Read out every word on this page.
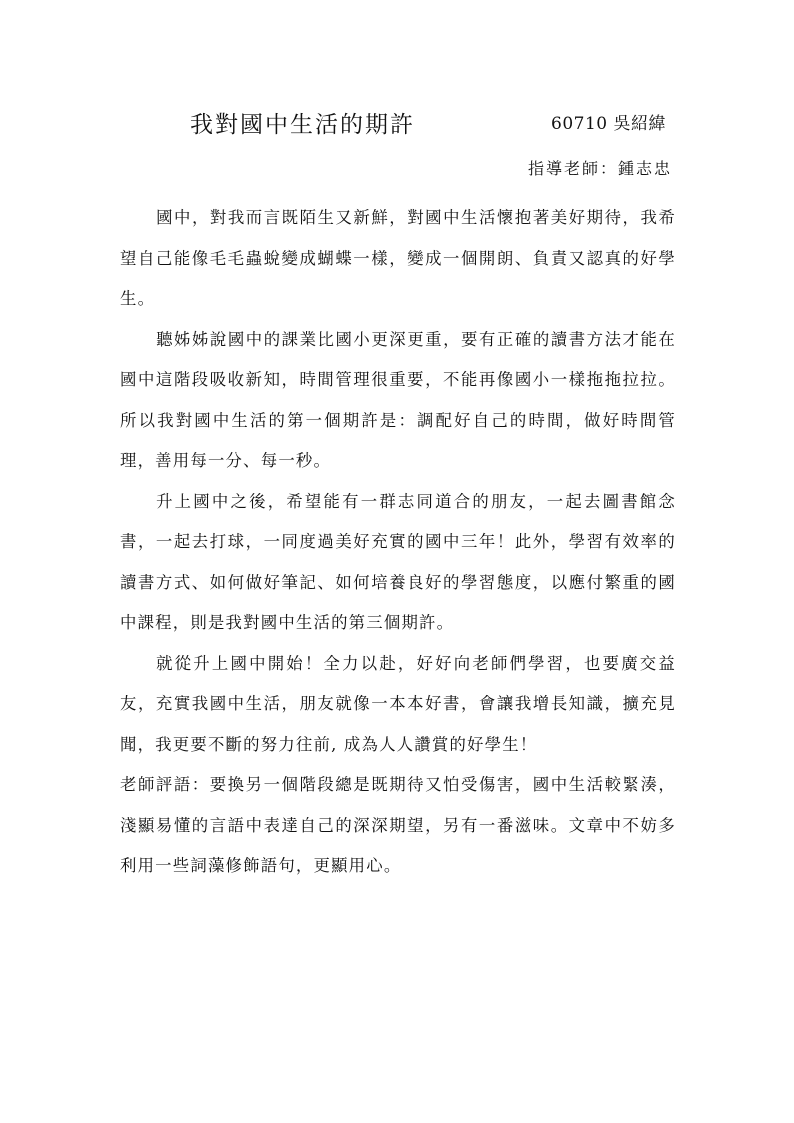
我對國中生活的期許	60710 吳紹緯
指導老師：鍾志忠

國中，對我而言既陌生又新鮮，對國中生活懷抱著美好期待，我希望自己能像毛毛蟲蛻變成蝴蝶一樣，變成一個開朗、負責又認真的好學生。

聽姊姊說國中的課業比國小更深更重，要有正確的讀書方法才能在國中這階段吸收新知，時間管理很重要，不能再像國小一樣拖拖拉拉。所以我對國中生活的第一個期許是：調配好自己的時間，做好時間管理，善用每一分、每一秒。

升上國中之後，希望能有一群志同道合的朋友，一起去圖書館念書，一起去打球，一同度過美好充實的國中三年！此外，學習有效率的讀書方式、如何做好筆記、如何培養良好的學習態度，以應付繁重的國中課程，則是我對國中生活的第三個期許。

就從升上國中開始！全力以赴，好好向老師們學習，也要廣交益友，充實我國中生活，朋友就像一本本好書，會讓我增長知識，擴充見聞，我更要不斷的努力往前, 成為人人讚賞的好學生！

老師評語：要換另一個階段總是既期待又怕受傷害，國中生活較緊湊，淺顯易懂的言語中表達自己的深深期望，另有一番滋味。文章中不妨多利用一些詞藻修飾語句，更顯用心。
